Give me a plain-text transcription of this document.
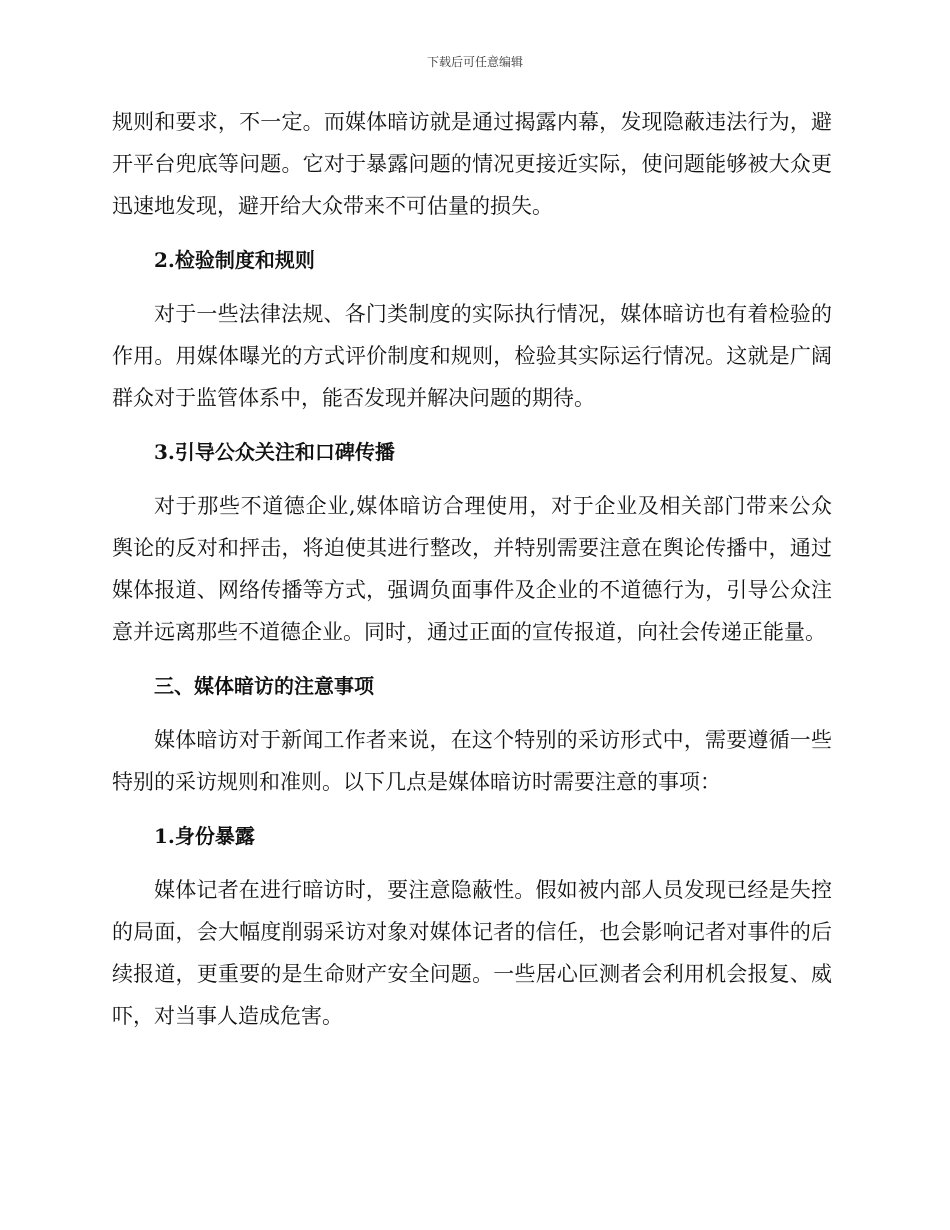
下载后可任意编辑

规则和要求，不一定。而媒体暗访就是通过揭露内幕，发现隐蔽违法行为，避开平台兜底等问题。它对于暴露问题的情况更接近实际，使问题能够被大众更迅速地发现，避开给大众带来不可估量的损失。

2.检验制度和规则

对于一些法律法规、各门类制度的实际执行情况，媒体暗访也有着检验的作用。用媒体曝光的方式评价制度和规则，检验其实际运行情况。这就是广阔群众对于监管体系中，能否发现并解决问题的期待。

3.引导公众关注和口碑传播

对于那些不道德企业,媒体暗访合理使用，对于企业及相关部门带来公众舆论的反对和抨击，将迫使其进行整改，并特别需要注意在舆论传播中，通过媒体报道、网络传播等方式，强调负面事件及企业的不道德行为，引导公众注意并远离那些不道德企业。同时，通过正面的宣传报道，向社会传递正能量。

三、媒体暗访的注意事项

媒体暗访对于新闻工作者来说，在这个特别的采访形式中，需要遵循一些特别的采访规则和准则。以下几点是媒体暗访时需要注意的事项：

1.身份暴露

媒体记者在进行暗访时，要注意隐蔽性。假如被内部人员发现已经是失控的局面，会大幅度削弱采访对象对媒体记者的信任，也会影响记者对事件的后续报道，更重要的是生命财产安全问题。一些居心叵测者会利用机会报复、威吓，对当事人造成危害。
